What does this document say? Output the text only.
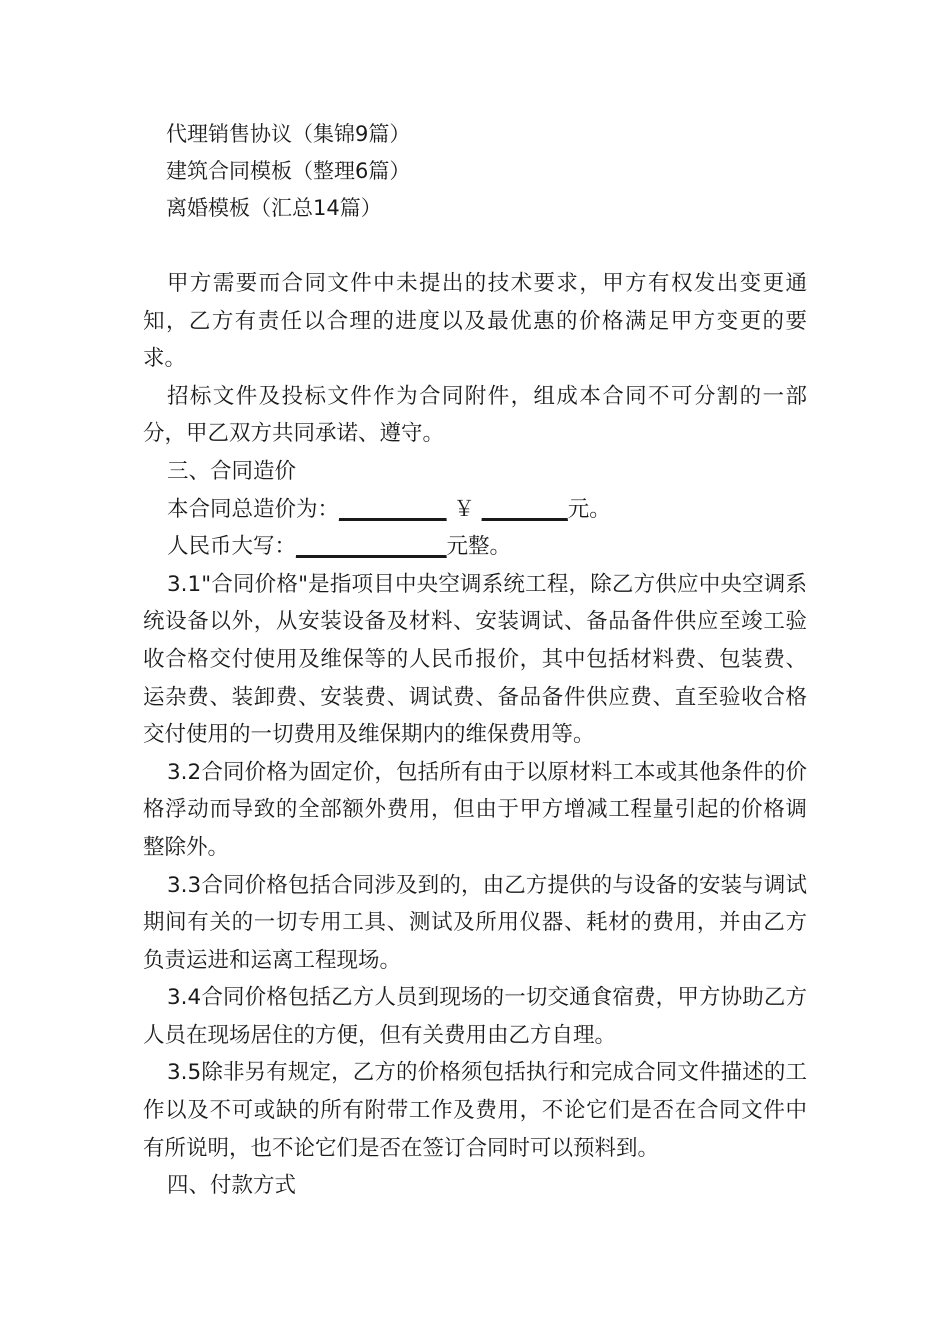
代理销售协议（集锦9篇）
建筑合同模板（整理6篇）
离婚模板（汇总14篇）

甲方需要而合同文件中未提出的技术要求，甲方有权发出变更通知，乙方有责任以合理的进度以及最优惠的价格满足甲方变更的要求。

招标文件及投标文件作为合同附件，组成本合同不可分割的一部分，甲乙双方共同承诺、遵守。

三、合同造价

本合同总造价为：__________ ￥ ________元。

人民币大写：______________元整。

3.1"合同价格"是指项目中央空调系统工程，除乙方供应中央空调系统设备以外，从安装设备及材料、安装调试、备品备件供应至竣工验收合格交付使用及维保等的人民币报价，其中包括材料费、包装费、运杂费、装卸费、安装费、调试费、备品备件供应费、直至验收合格交付使用的一切费用及维保期内的维保费用等。

3.2合同价格为固定价，包括所有由于以原材料工本或其他条件的价格浮动而导致的全部额外费用，但由于甲方增减工程量引起的价格调整除外。

3.3合同价格包括合同涉及到的，由乙方提供的与设备的安装与调试期间有关的一切专用工具、测试及所用仪器、耗材的费用，并由乙方负责运进和运离工程现场。

3.4合同价格包括乙方人员到现场的一切交通食宿费，甲方协助乙方人员在现场居住的方便，但有关费用由乙方自理。

3.5除非另有规定，乙方的价格须包括执行和完成合同文件描述的工作以及不可或缺的所有附带工作及费用，不论它们是否在合同文件中有所说明，也不论它们是否在签订合同时可以预料到。

四、付款方式
